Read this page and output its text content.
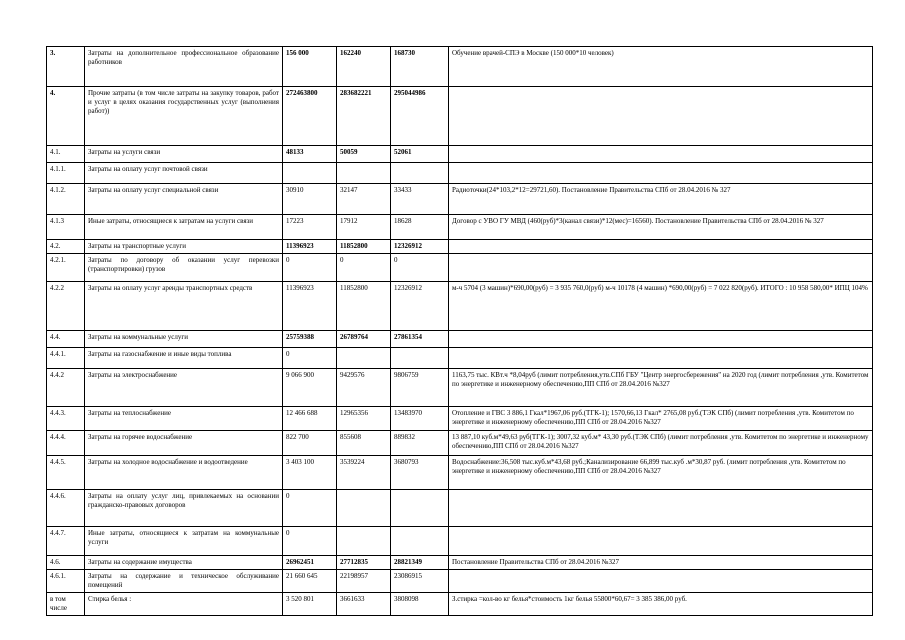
3.	Затраты на дополнительное профессиональное образование работников	156 000	162240	168730	Обучение врачей-СПЭ в Москве (150 000*10 человек)
4.	Прочие затраты (в том числе затраты на закупку товаров, работ и услуг в целях оказания государственных услуг (выполнения работ))	272463800	283682221	295044986	
4.1.	Затраты на услуги связи	48133	50059	52061	
4.1.1.	Затраты на оплату услуг почтовой связи				
4.1.2.	Затраты на оплату услуг специальной связи	30910	32147	33433	Радиоточки(24*103,2*12=29721,60). Постановление Правительства СПб от 28.04.2016 № 327
4.1.3	Иные затраты, относящиеся к затратам на услуги связи	17223	17912	18628	Договор с УВО ГУ МВД (460(руб)*3(канал связи)*12(мес)=16560). Постановление Правительства СПб от 28.04.2016 № 327
4.2.	Затраты на транспортные услуги	11396923	11852800	12326912	
4.2.1.	Затраты по договору об оказании услуг перевозки (транспортировки) грузов	0	0	0	
4.2.2	Затраты на оплату услуг аренды транспортных средств	11396923	11852800	12326912	м-ч 5704 (3 машин)*690,00(руб) = 3 935 760,0(руб) м-ч 10178 (4 машин) *690,00(руб) = 7 022 820(руб). ИТОГО : 10 958 580,00* ИПЦ 104%
4.4.	Затраты на коммунальные услуги	25759388	26789764	27861354	
4.4.1.	Затраты на газоснабжение и иные виды топлива	0			
4.4.2	Затраты на электроснабжение	9 066 900	9429576	9806759	1163,75 тыс. КВт.ч *8,04руб (лимит потребления,утв.СПб ГБУ "Центр энергосбережения" на 2020 год (лимит потребления ,утв. Комитетом по энергетике и инженерному обеспечению,ПП СПб от 28.04.2016 №327
4.4.3.	Затраты на теплоснабжение	12 466 688	12965356	13483970	Отопление и ГВС 3 886,1 Гкал*1967,06 руб.(ТГК-1); 1570,66,13 Гкал* 2765,08 руб.(ТЭК СПб) (лимит потребления ,утв. Комитетом по энергетике и инженерному обеспечению,ПП СПб от 28.04.2016 №327
4.4.4.	Затраты на горячее водоснабжение	822 700	855608	889832	13 887,10 куб.м*49,63 руб(ТГК-1); 3007,32 куб.м* 43,30 руб.(ТЭК СПб) (лимит потребления ,утв. Комитетом по энергетике и инженерному обеспечению,ПП СПб от 28.04.2016 №327
4.4.5.	Затраты на холодное водоснабжение и водоотведение	3 403 100	3539224	3680793	Водоснабжение:36,508 тыс.куб.м*43,68 руб.;Канализирование 66,899 тыс.куб .м*30,87 руб. (лимит потребления ,утв. Комитетом по энергетике и инженерному обеспечению,ПП СПб от 28.04.2016 №327
4.4.6.	Затраты на оплату услуг лиц, привлекаемых на основании гражданско-правовых договоров	0			
4.4.7.	Иные затраты, относящиеся к затратам на коммунальные услуги	0			
4.6.	Затраты на содержание имущества	26962451	27712835	28821349	Постановление Правительства СПб от 28.04.2016 №327
4.6.1.	Затраты на содержание и техническое обслуживание помещений	21 660 645	22198957	23086915	
в том числе	Стирка белья :	3 520 801	3661633	3808098	З.стирка =кол-во кг белья*стоимость 1кг белья 55800*60,67= 3 385 386,00 руб.
